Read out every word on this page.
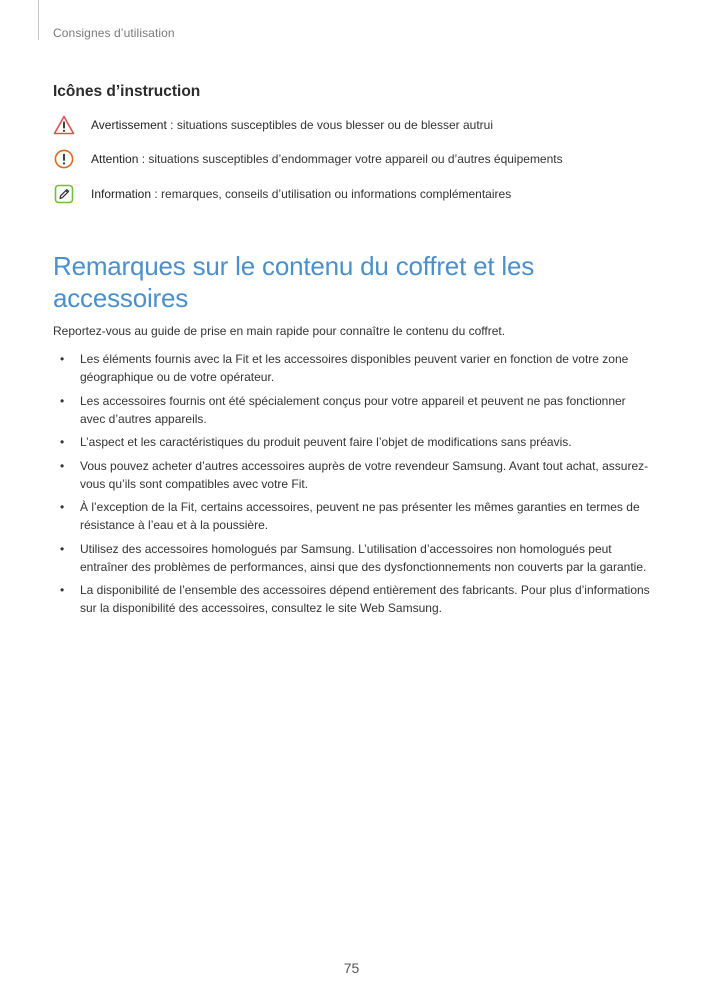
Consignes d’utilisation
Icônes d’instruction
Avertissement : situations susceptibles de vous blesser ou de blesser autrui
Attention : situations susceptibles d’endommager votre appareil ou d’autres équipements
Information : remarques, conseils d’utilisation ou informations complémentaires
Remarques sur le contenu du coffret et les accessoires

Reportez-vous au guide de prise en main rapide pour connaître le contenu du coffret.

• Les éléments fournis avec la Fit et les accessoires disponibles peuvent varier en fonction de votre zone géographique ou de votre opérateur.
• Les accessoires fournis ont été spécialement conçus pour votre appareil et peuvent ne pas fonctionner avec d’autres appareils.
• L’aspect et les caractéristiques du produit peuvent faire l’objet de modifications sans préavis.
• Vous pouvez acheter d’autres accessoires auprès de votre revendeur Samsung. Avant tout achat, assurez-vous qu’ils sont compatibles avec votre Fit.
• À l’exception de la Fit, certains accessoires, peuvent ne pas présenter les mêmes garanties en termes de résistance à l’eau et à la poussière.
• Utilisez des accessoires homologués par Samsung. L’utilisation d’accessoires non homologués peut entraîner des problèmes de performances, ainsi que des dysfonctionnements non couverts par la garantie.
• La disponibilité de l’ensemble des accessoires dépend entièrement des fabricants. Pour plus d’informations sur la disponibilité des accessoires, consultez le site Web Samsung.
75
